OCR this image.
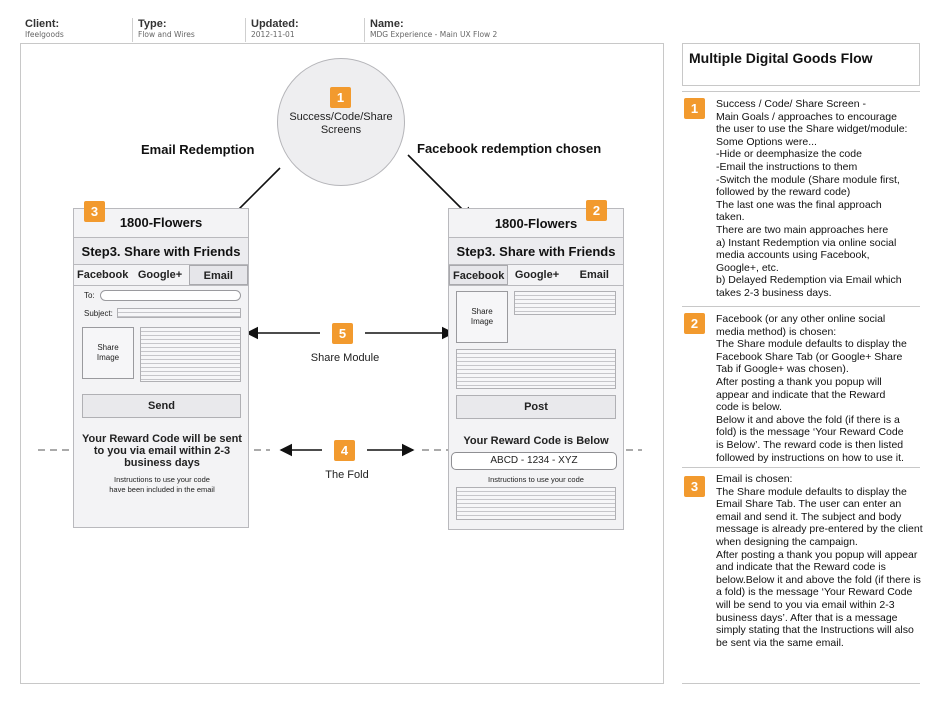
Client:
Ifeelgoods
Type:
Flow and Wires
Updated:
2012-11-01
Name:
MDG Experience - Main UX Flow 2
1
Success/Code/Share
Screens
Email Redemption	Facebook redemption chosen
5
Share Module
4
The Fold
1800-Flowers
Step3. Share with Friends
Facebook Google+	Email
3
To:
Subject:
Share
Image
Send
Your Reward Code will be sent to you via email within 2-3 business days
Instructions to use your code
have been included in the email
1800-Flowers
Step3. Share with Friends
Facebook Google+	Email
2
Share
Image
Post
Your Reward Code is Below
ABCD - 1234 - XYZ
Instructions to use your code
Multiple Digital Goods Flow
1	Success / Code/ Share Screen -
Main Goals / approaches to encourage
the user to use the Share widget/module:
Some Options were...
-Hide or deemphasize the code
-Email the instructions to them
-Switch the module (Share module first,
followed by the reward code)
The last one was the final approach
taken.
There are two main approaches here
a) Instant Redemption via online social
media accounts using Facebook,
Google+, etc.
b) Delayed Redemption via Email which
takes 2-3 business days.
2	Facebook (or any other online social
media method) is chosen:
The Share module defaults to display the
Facebook Share Tab (or Google+ Share
Tab if Google+ was chosen).
After posting a thank you popup will
appear and indicate that the Reward
code is below.
Below it and above the fold (if there is a
fold) is the message ‘Your Reward Code
is Below’. The reward code is then listed
followed by instructions on how to use it.
3	Email is chosen:
The Share module defaults to display the
Email Share Tab. The user can enter an
email and send it. The subject and body
message is already pre-entered by the client
when designing the campaign.
After posting a thank you popup will appear
and indicate that the Reward code is
below.Below it and above the fold (if there is
a fold) is the message ‘Your Reward Code
will be send to you via email within 2-3
business days’. After that is a message
simply stating that the Instructions will also
be sent via the same email.
